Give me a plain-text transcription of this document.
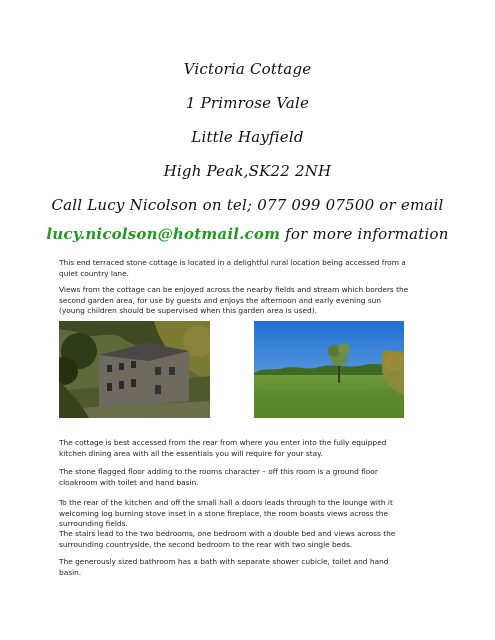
Victoria Cottage
1 Primrose Vale
Little Hayfield
High Peak,SK22 2NH
Call Lucy Nicolson on tel; 077 099 07500 or email
lucy.nicolson@hotmail.com for more information

This end terraced stone cottage is located in a delightful rural location being accessed from a quiet country lane.

Views from the cottage can be enjoyed across the nearby fields and stream which borders the second garden area, for use by guests and enjoys the afternoon and early evening sun (young children should be supervised when this garden area is used).

The cottage is best accessed from the rear from where you enter into the fully equipped kitchen dining area with all the essentials you will require for your stay.

The stone flagged floor adding to the rooms character – off this room is a ground floor cloakroom with toilet and hand basin.

To the rear of the kitchen and off the small hall a doors leads through to the lounge with it welcoming log burning stove inset in a stone fireplace, the room boasts views across the surrounding fields.

The stairs lead to the two bedrooms, one bedroom with a double bed and views across the surrounding countryside, the second bedroom to the rear with two single beds.

The generously sized bathroom has a bath with separate shower cubicle, toilet and hand basin.
